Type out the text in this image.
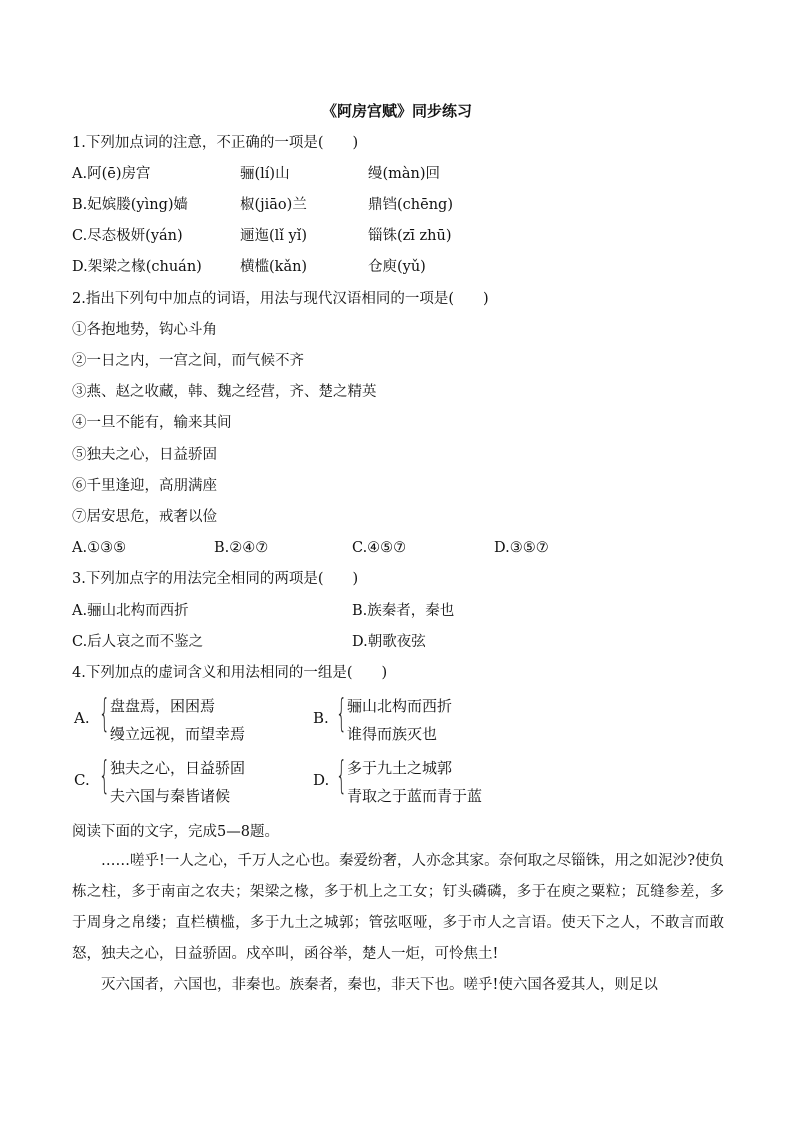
《阿房宫赋》同步练习
1.下列加点词的注意，不正确的一项是(　　)
A.阿(ē)房宫	骊(lí)山	缦(màn)回
B.妃嫔媵(yìng)嫱	椒(jiāo)兰	鼎铛(chēng)
C.尽态极妍(yán)	逦迤(lǐ yǐ)	锱铢(zī zhū)
D.架梁之椽(chuán)	横槛(kǎn)	仓庾(yǔ)
2.指出下列句中加点的词语，用法与现代汉语相同的一项是(　　)
①各抱地势，钩心斗角
②一日之内，一宫之间，而气候不齐
③燕、赵之收藏，韩、魏之经营，齐、楚之精英
④一旦不能有，输来其间
⑤独夫之心，日益骄固
⑥千里逢迎，高朋满座
⑦居安思危，戒奢以俭
A.①③⑤	B.②④⑦	C.④⑤⑦	D.③⑤⑦
3.下列加点字的用法完全相同的两项是(　　)
A.骊山北构而西折	B.族秦者，秦也
C.后人哀之而不鉴之	D.朝歌夜弦
4.下列加点的虚词含义和用法相同的一组是(　　)
A. { 盘盘焉，困困焉
缦立远视，而望幸焉
B. { 骊山北构而西折
谁得而族灭也
C. { 独夫之心，日益骄固
夫六国与秦皆诸候
D. { 多于九土之城郭
青取之于蓝而青于蓝
阅读下面的文字，完成5—8题。
……嗟乎!一人之心，千万人之心也。秦爱纷奢，人亦念其家。奈何取之尽锱铢，用之如泥沙?使负栋之柱，多于南亩之农夫；架梁之椽，多于机上之工女；钉头磷磷，多于在庾之粟粒；瓦缝参差，多于周身之帛缕；直栏横槛，多于九土之城郭；管弦呕哑，多于市人之言语。使天下之人，不敢言而敢怒，独夫之心，日益骄固。戍卒叫，函谷举，楚人一炬，可怜焦土!
灭六国者，六国也，非秦也。族秦者，秦也，非天下也。嗟乎!使六国各爱其人，则足以
